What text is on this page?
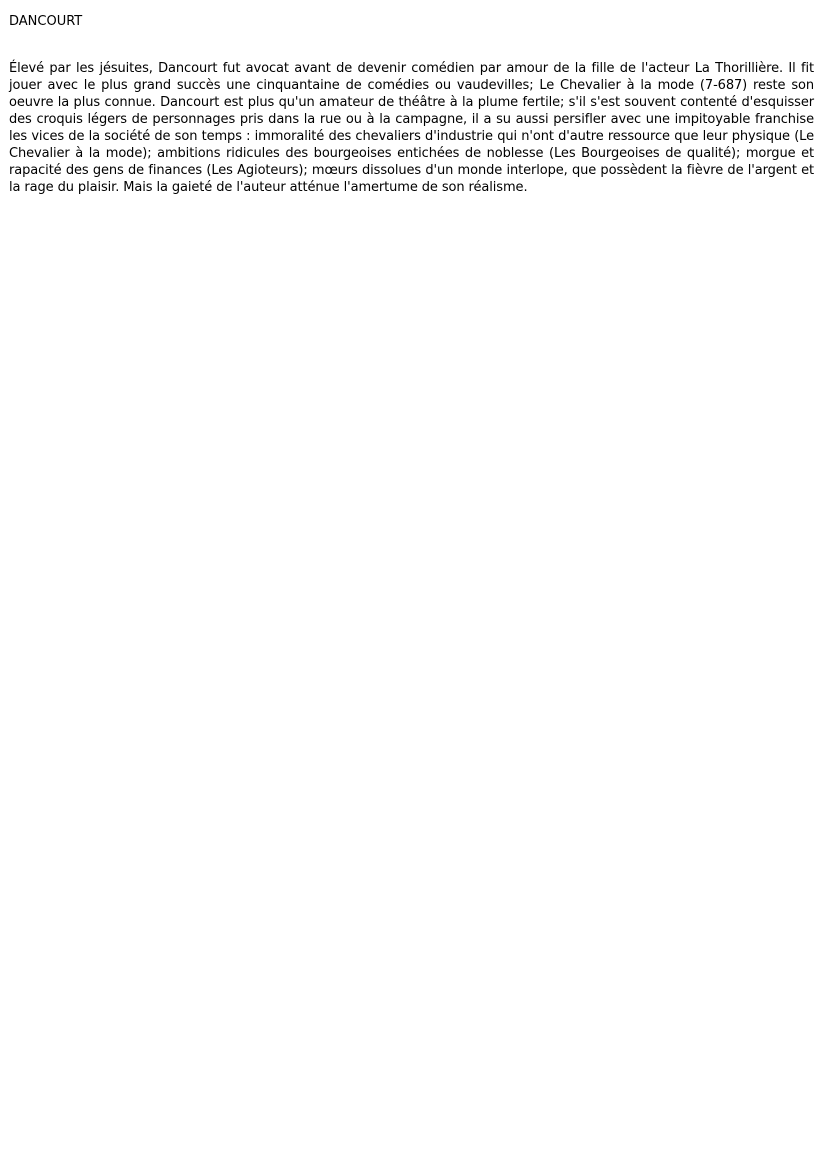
DANCOURT

Élevé par les jésuites, Dancourt fut avocat avant de devenir comédien par amour de la fille de l'acteur La Thorillière. Il fit jouer avec le plus grand succès une cinquantaine de comédies ou vaudevilles; Le Chevalier à la mode (7-687) reste son oeuvre la plus connue. Dancourt est plus qu'un amateur de théâtre à la plume fertile; s'il s'est souvent contenté d'esquisser des croquis légers de personnages pris dans la rue ou à la campagne, il a su aussi persifler avec une impitoyable franchise les vices de la société de son temps : immoralité des chevaliers d'industrie qui n'ont d'autre ressource que leur physique (Le Chevalier à la mode); ambitions ridicules des bourgeoises entichées de noblesse (Les Bourgeoises de qualité); morgue et rapacité des gens de finances (Les Agioteurs); mœurs dissolues d'un monde interlope, que possèdent la fièvre de l'argent et la rage du plaisir. Mais la gaieté de l'auteur atténue l'amertume de son réalisme.
